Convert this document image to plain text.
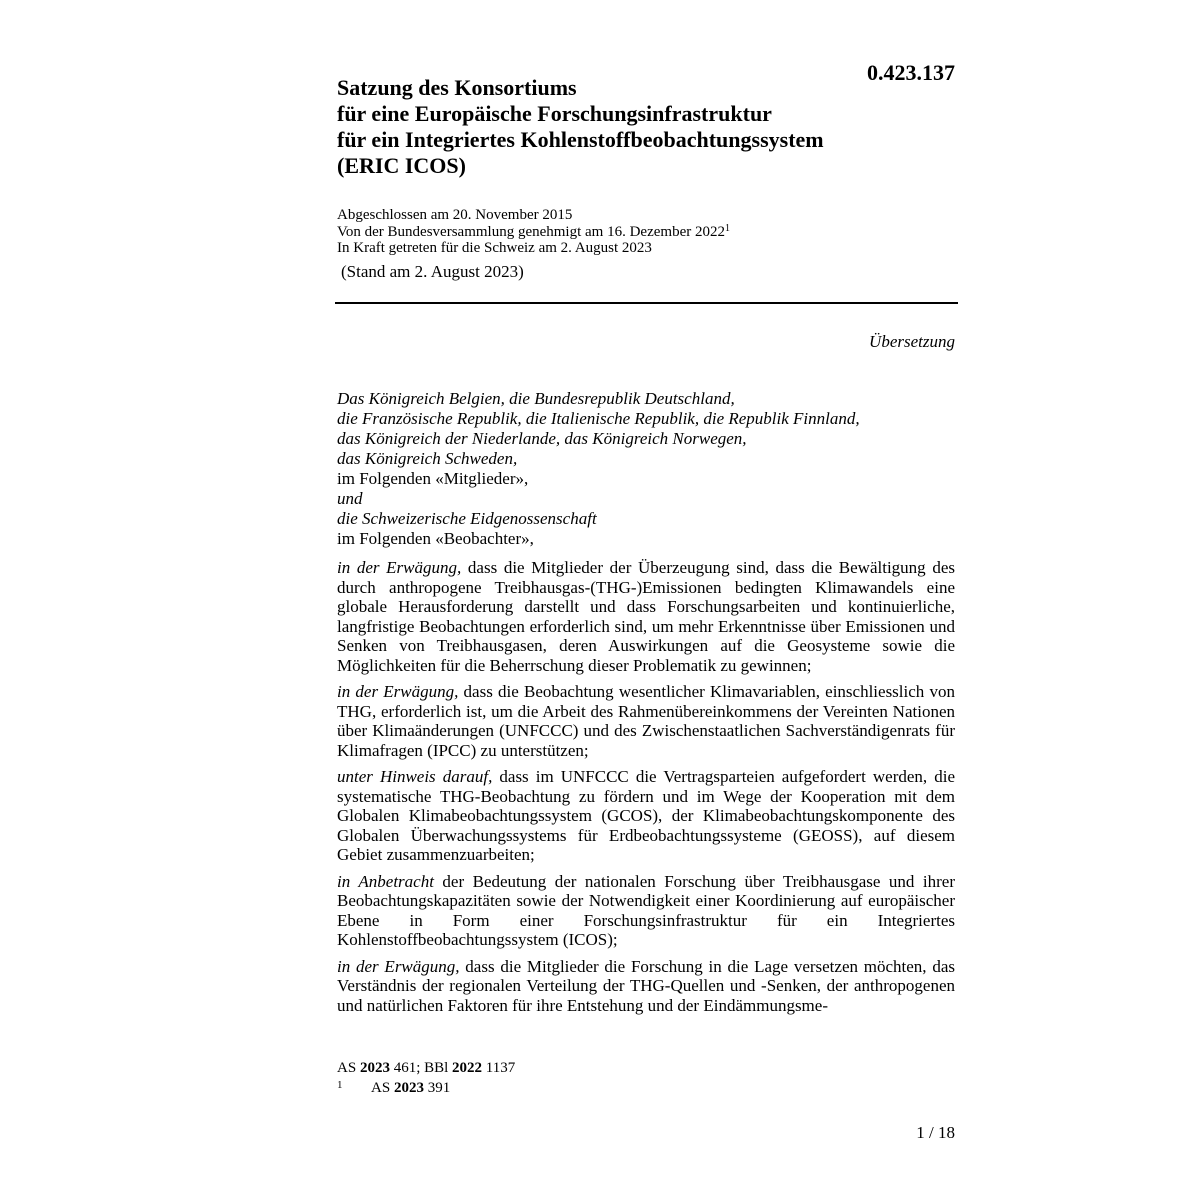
0.423.137
Satzung des Konsortiums
für eine Europäische Forschungsinfrastruktur
für ein Integriertes Kohlenstoffbeobachtungssystem
(ERIC ICOS)
Abgeschlossen am 20. November 2015
Von der Bundesversammlung genehmigt am 16. Dezember 2022$^1$
In Kraft getreten für die Schweiz am 2. August 2023
(Stand am 2. August 2023)
Übersetzung
Das Königreich Belgien, die Bundesrepublik Deutschland,
die Französische Republik, die Italienische Republik, die Republik Finnland,
das Königreich der Niederlande, das Königreich Norwegen,
das Königreich Schweden,
im Folgenden «Mitglieder»,
und
die Schweizerische Eidgenossenschaft
im Folgenden «Beobachter»,

in der Erwägung, dass die Mitglieder der Überzeugung sind, dass die Bewältigung des durch anthropogene Treibhausgas-(THG-)Emissionen bedingten Klimawandels eine globale Herausforderung darstellt und dass Forschungsarbeiten und kontinuierliche, langfristige Beobachtungen erforderlich sind, um mehr Erkenntnisse über Emissionen und Senken von Treibhausgasen, deren Auswirkungen auf die Geosysteme sowie die Möglichkeiten für die Beherrschung dieser Problematik zu gewinnen;

in der Erwägung, dass die Beobachtung wesentlicher Klimavariablen, einschliesslich von THG, erforderlich ist, um die Arbeit des Rahmenübereinkommens der Vereinten Nationen über Klimaänderungen (UNFCCC) und des Zwischenstaatlichen Sachverständigenrats für Klimafragen (IPCC) zu unterstützen;

unter Hinweis darauf, dass im UNFCCC die Vertragsparteien aufgefordert werden, die systematische THG-Beobachtung zu fördern und im Wege der Kooperation mit dem Globalen Klimabeobachtungssystem (GCOS), der Klimabeobachtungskomponente des Globalen Überwachungssystems für Erdbeobachtungssysteme (GEOSS), auf diesem Gebiet zusammenzuarbeiten;

in Anbetracht der Bedeutung der nationalen Forschung über Treibhausgase und ihrer Beobachtungskapazitäten sowie der Notwendigkeit einer Koordinierung auf europäischer Ebene in Form einer Forschungsinfrastruktur für ein Integriertes Kohlenstoffbeobachtungssystem (ICOS);

in der Erwägung, dass die Mitglieder die Forschung in die Lage versetzen möchten, das Verständnis der regionalen Verteilung der THG-Quellen und -Senken, der anthropogenen und natürlichen Faktoren für ihre Entstehung und der Eindämmungsme-

AS 2023 461; BBl 2022 1137
1 AS 2023 391
1 / 18
